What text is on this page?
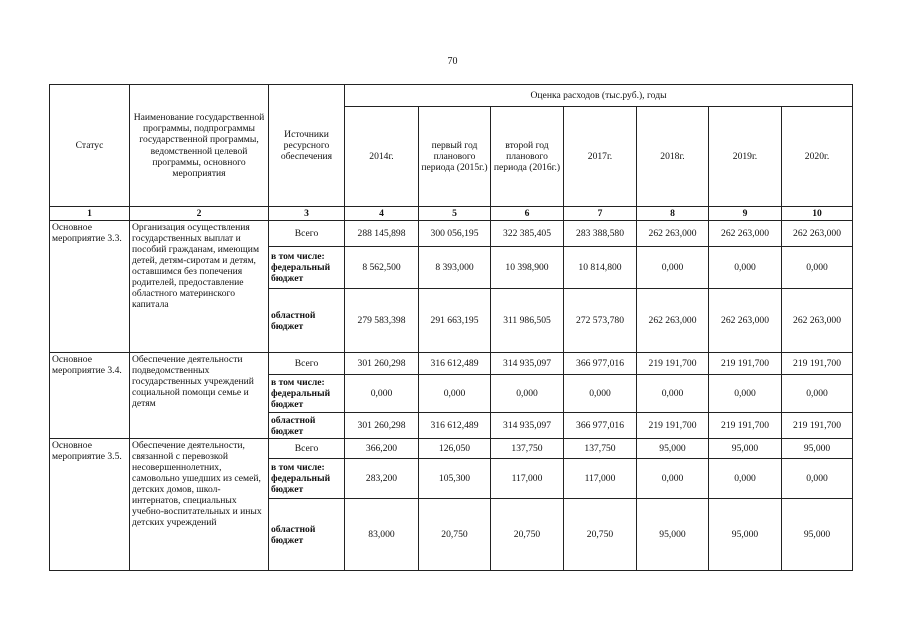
70
Статус	Наименование государственной программы, подпрограммы государственной программы, ведомственной целевой программы, основного мероприятия	Источники ресурсного обеспечения	Оценка расходов (тыс.руб.), годы						
			2014г.	первый год планового периода (2015г.)	второй год планового периода (2016г.)	2017г.	2018г.	2019г.	2020г.
1	2	3	4	5	6	7	8	9	10
Основное мероприятие 3.3.	Организация осуществления государственных выплат и пособий гражданам, имеющим детей, детям-сиротам и детям, оставшимся без попечения родителей, предоставление областного материнского капитала	Всего	288 145,898	300 056,195	322 385,405	283 388,580	262 263,000	262 263,000	262 263,000
		в том числе: федеральный бюджет	8 562,500	8 393,000	10 398,900	10 814,800	0,000	0,000	0,000
		областной бюджет	279 583,398	291 663,195	311 986,505	272 573,780	262 263,000	262 263,000	262 263,000
Основное мероприятие 3.4.	Обеспечение деятельности подведомственных государственных учреждений социальной помощи семье и детям	Всего	301 260,298	316 612,489	314 935,097	366 977,016	219 191,700	219 191,700	219 191,700
		в том числе: федеральный бюджет	0,000	0,000	0,000	0,000	0,000	0,000	0,000
		областной бюджет	301 260,298	316 612,489	314 935,097	366 977,016	219 191,700	219 191,700	219 191,700
Основное мероприятие 3.5.	Обеспечение деятельности, связанной с перевозкой несовершеннолетних, самовольно ушедших из семей, детских домов, школ-интернатов, специальных учебно-воспитательных и иных детских учреждений	Всего	366,200	126,050	137,750	137,750	95,000	95,000	95,000
		в том числе: федеральный бюджет	283,200	105,300	117,000	117,000	0,000	0,000	0,000
		областной бюджет	83,000	20,750	20,750	20,750	95,000	95,000	95,000
